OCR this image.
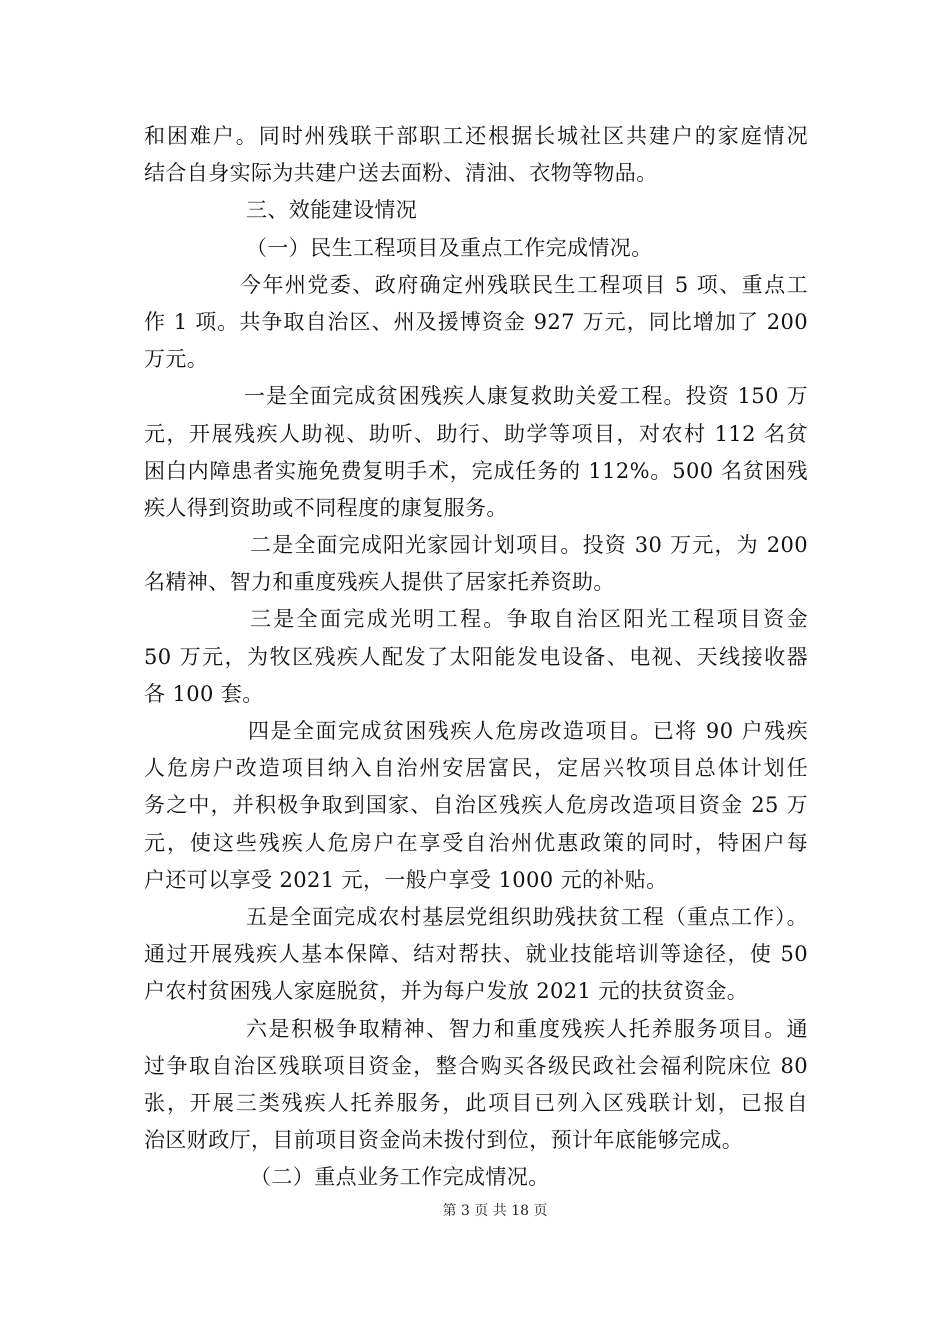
和困难户。同时州残联干部职工还根据长城社区共建户的家庭情况
结合自身实际为共建户送去面粉、清油、衣物等物品。
三、效能建设情况
（一）民生工程项目及重点工作完成情况。
今年州党委、政府确定州残联民生工程项目 5 项、重点工
作 1 项。共争取自治区、州及援博资金 927 万元，同比增加了 200
万元。
一是全面完成贫困残疾人康复救助关爱工程。投资 150 万
元，开展残疾人助视、助听、助行、助学等项目，对农村 112 名贫
困白内障患者实施免费复明手术，完成任务的 112%。500 名贫困残
疾人得到资助或不同程度的康复服务。
二是全面完成阳光家园计划项目。投资 30 万元，为 200
名精神、智力和重度残疾人提供了居家托养资助。
三是全面完成光明工程。争取自治区阳光工程项目资金
50 万元，为牧区残疾人配发了太阳能发电设备、电视、天线接收器
各 100 套。
四是全面完成贫困残疾人危房改造项目。已将 90 户残疾
人危房户改造项目纳入自治州安居富民，定居兴牧项目总体计划任
务之中，并积极争取到国家、自治区残疾人危房改造项目资金 25 万
元，使这些残疾人危房户在享受自治州优惠政策的同时，特困户每
户还可以享受 2021 元，一般户享受 1000 元的补贴。
五是全面完成农村基层党组织助残扶贫工程（重点工作）。
通过开展残疾人基本保障、结对帮扶、就业技能培训等途径，使 50
户农村贫困残人家庭脱贫，并为每户发放 2021 元的扶贫资金。
六是积极争取精神、智力和重度残疾人托养服务项目。通
过争取自治区残联项目资金，整合购买各级民政社会福利院床位 80
张，开展三类残疾人托养服务，此项目已列入区残联计划，已报自
治区财政厅，目前项目资金尚未拨付到位，预计年底能够完成。
（二）重点业务工作完成情况。
第 3 页 共 18 页
